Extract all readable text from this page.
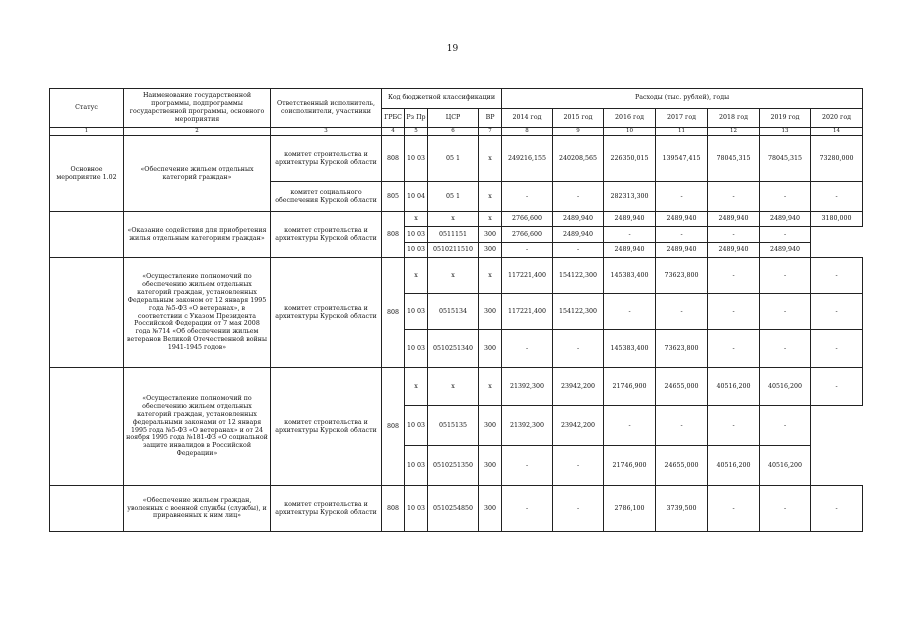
19
Статус	Наименование государственной программы, подпрограммы государственной программы, основного мероприятия	Ответственный исполнитель, соисполнители, участники	Код бюджетной классификации				Расходы (тыс. рублей), годы						
			ГРБС	Рз Пр	ЦСР	ВР	2014 год	2015 год	2016 год	2017 год	2018 год	2019 год	2020 год
1	2	3	4	5	6	7	8	9	10	11	12	13	14
Основное мероприятие 1.02	«Обеспечение жильем отдельных категорий граждан»	комитет строительства и архитектуры Курской области	808	10 03	05 1	х	249216,155	240208,565	226350,015	139547,415	78045,315	78045,315	73280,000
		комитет социального обеспечения Курской области	805	10 04	05 1	х	-	-	282313,300	-	-	-	-
	«Оказание содействия для приобретения жилья отдельным категориям граждан»	комитет строительства и архитектуры Курской области	808	х	х	х	2766,600	2489,940	2489,940	2489,940	2489,940	2489,940	3180,000
				10 03	0511151	300	2766,600	2489,940	-	-	-	-	
				10 03	0510211510	300	-	-	2489,940	2489,940	2489,940	2489,940	
	«Осуществление полномочий по обеспечению жильем отдельных категорий граждан, установленных Федеральным законом от 12 января 1995 года №5-ФЗ «О ветеранах», в соответствии с Указом Президента Российской Федерации от 7 мая 2008 года №714 «Об обеспечении жильем ветеранов Великой Отечественной войны 1941-1945 годов»	комитет строительства и архитектуры Курской области	808	х	х	х	117221,400	154122,300	145383,400	73623,800	-	-	-
				10 03	0515134	300	117221,400	154122,300	-	-	-	-	-
				10 03	0510251340	300	-	-	145383,400	73623,800	-	-	-
	«Осуществление полномочий по обеспечению жильем отдельных категорий граждан, установленных федеральными законами от 12 января 1995 года №5-ФЗ «О ветеранах» и от 24 ноября 1995 года №181-ФЗ «О социальной защите инвалидов в Российской Федерации»	комитет строительства и архитектуры Курской области	808	х	х	х	21392,300	23942,200	21746,900	24655,000	40516,200	40516,200	-
				10 03	0515135	300	21392,300	23942,200	-	-	-	-	
				10 03	0510251350	300	-	-	21746,900	24655,000	40516,200	40516,200	
	«Обеспечение жильем граждан, уволенных с военной службы (службы), и приравненных к ним лиц»	комитет строительства и архитектуры Курской области	808	10 03	0510254850	300	-	-	2786,100	3739,500	-	-	-
